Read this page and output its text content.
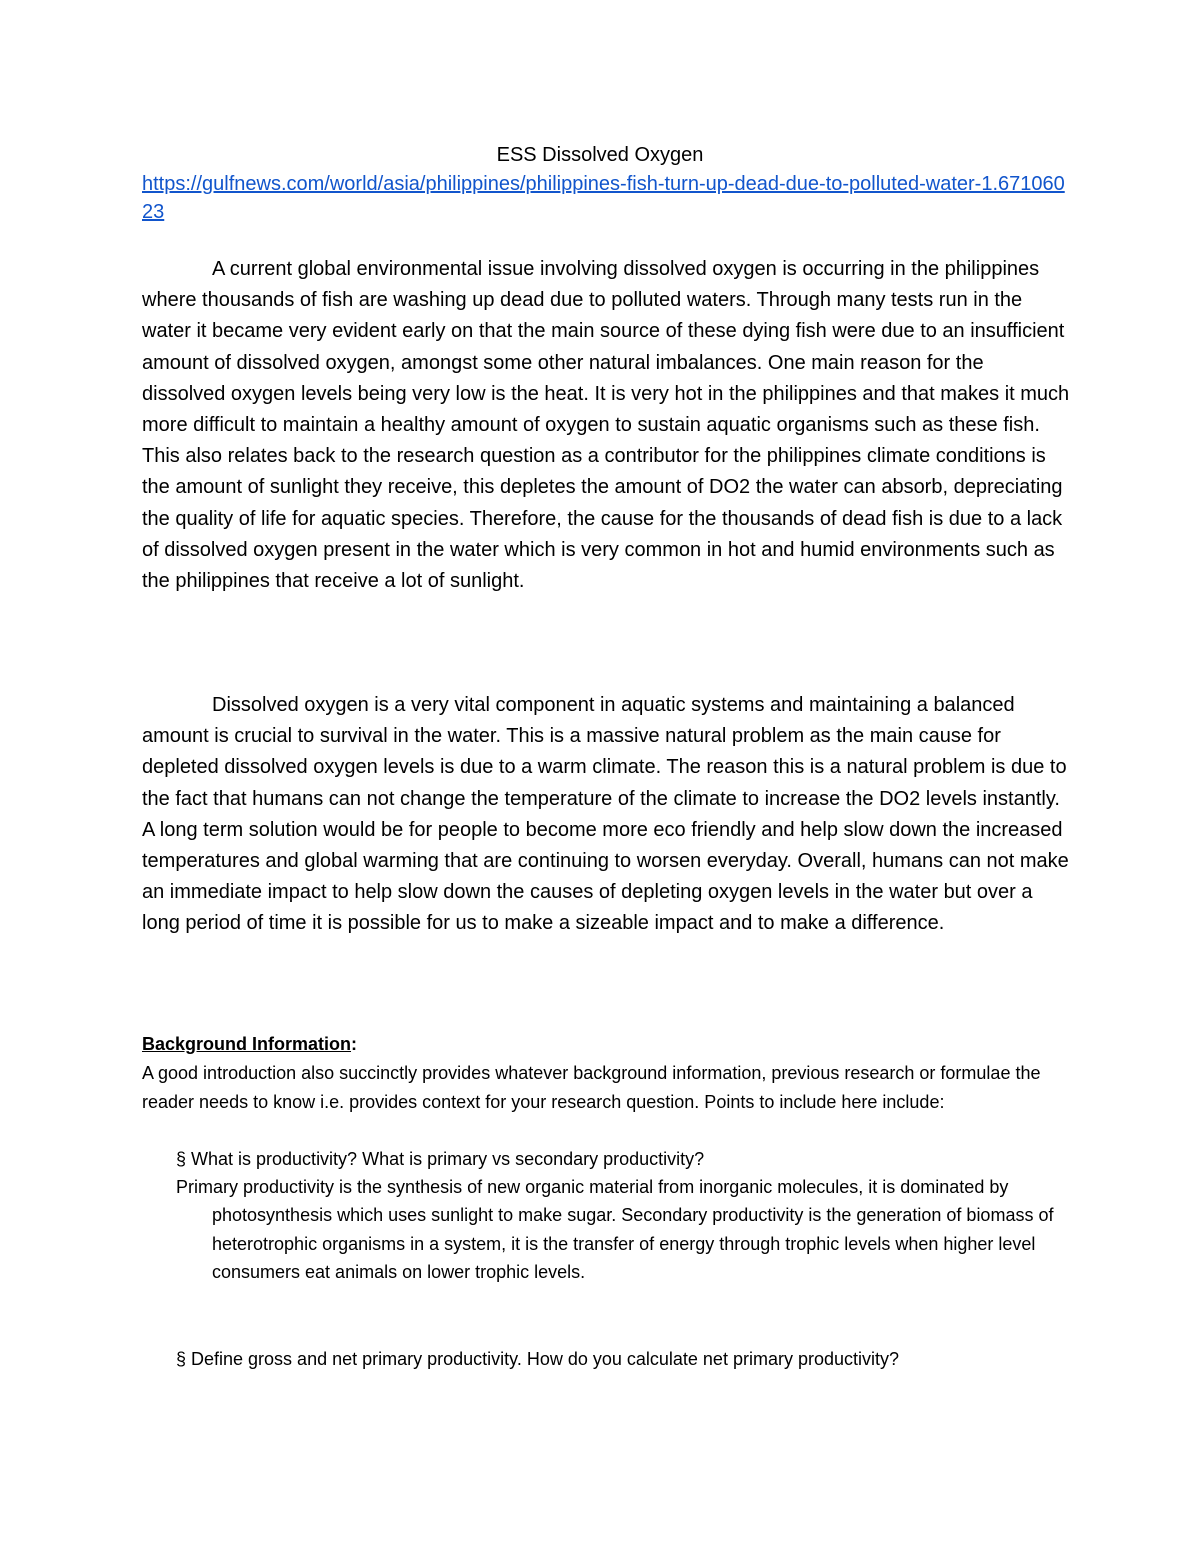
ESS Dissolved Oxygen
https://gulfnews.com/world/asia/philippines/philippines-fish-turn-up-dead-due-to-polluted-water-1.67106023

A current global environmental issue involving dissolved oxygen is occurring in the philippines where thousands of fish are washing up dead due to polluted waters. Through many tests run in the water it became very evident early on that the main source of these dying fish were due to an insufficient amount of dissolved oxygen, amongst some other natural imbalances. One main reason for the dissolved oxygen levels being very low is the heat. It is very hot in the philippines and that makes it much more difficult to maintain a healthy amount of oxygen to sustain aquatic organisms such as these fish. This also relates back to the research question as a contributor for the philippines climate conditions is the amount of sunlight they receive, this depletes the amount of DO2 the water can absorb, depreciating the quality of life for aquatic species. Therefore, the cause for the thousands of dead fish is due to a lack of dissolved oxygen present in the water which is very common in hot and humid environments such as the philippines that receive a lot of sunlight.

Dissolved oxygen is a very vital component in aquatic systems and maintaining a balanced amount is crucial to survival in the water. This is a massive natural problem as the main cause for depleted dissolved oxygen levels is due to a warm climate. The reason this is a natural problem is due to the fact that humans can not change the temperature of the climate to increase the DO2 levels instantly. A long term solution would be for people to become more eco friendly and help slow down the increased temperatures and global warming that are continuing to worsen everyday. Overall, humans can not make an immediate impact to help slow down the causes of depleting oxygen levels in the water but over a long period of time it is possible for us to make a sizeable impact and to make a difference.

Background Information:

A good introduction also succinctly provides whatever background information, previous research or formulae the reader needs to know i.e. provides context for your research question. Points to include here include:

§ What is productivity? What is primary vs secondary productivity?

Primary productivity is the synthesis of new organic material from inorganic molecules, it is dominated by photosynthesis which uses sunlight to make sugar. Secondary productivity is the generation of biomass of heterotrophic organisms in a system, it is the transfer of energy through trophic levels when higher level consumers eat animals on lower trophic levels.

§ Define gross and net primary productivity. How do you calculate net primary productivity?
